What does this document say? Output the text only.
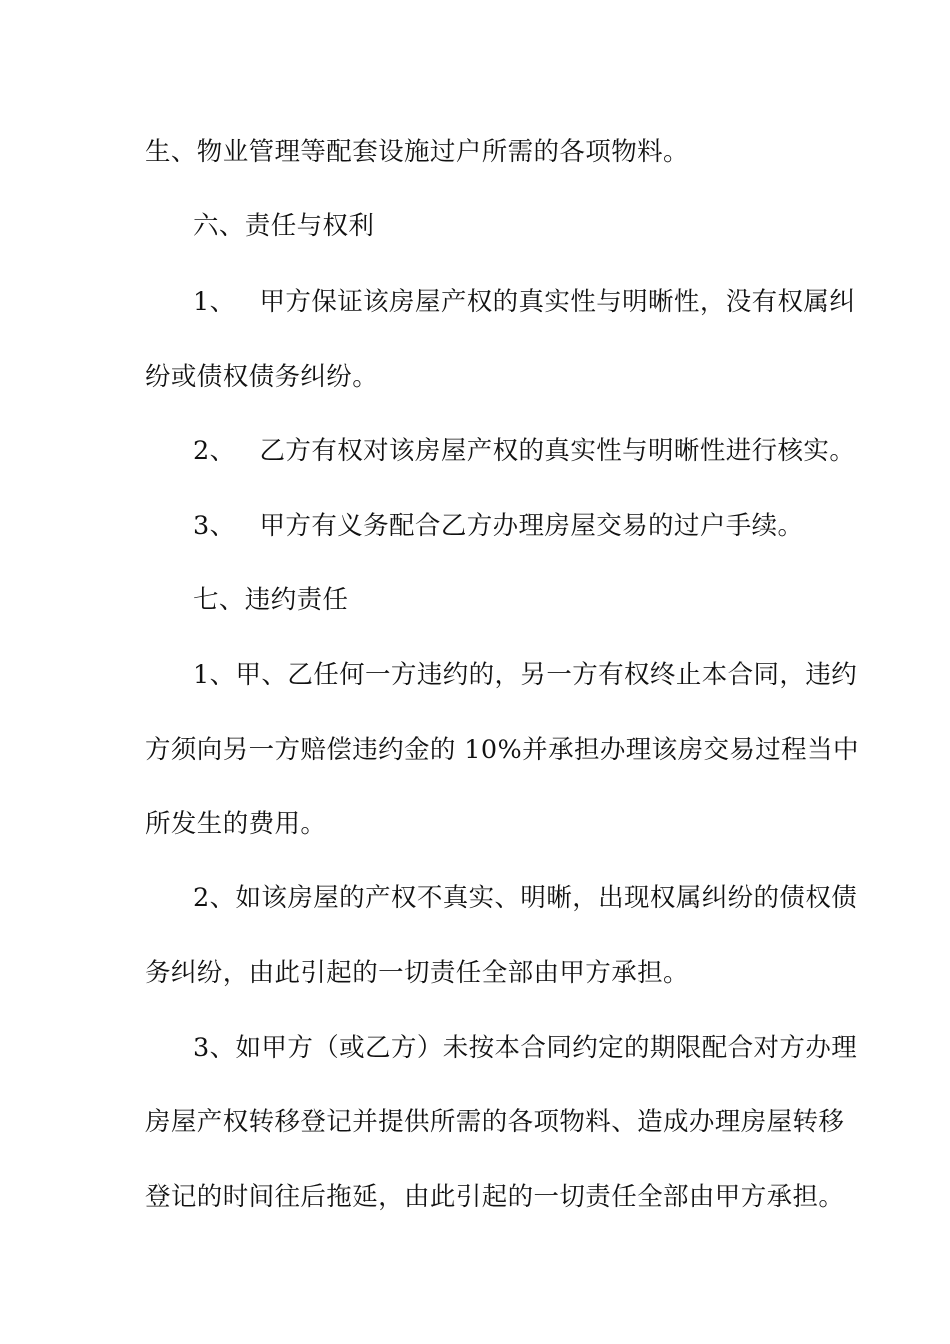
生、物业管理等配套设施过户所需的各项物料。
六、责任与权利
1、 甲方保证该房屋产权的真实性与明晰性，没有权属纠
纷或债权债务纠纷。
2、 乙方有权对该房屋产权的真实性与明晰性进行核实。
3、 甲方有义务配合乙方办理房屋交易的过户手续。
七、违约责任
1、甲、乙任何一方违约的，另一方有权终止本合同，违约
方须向另一方赔偿违约金的 10%并承担办理该房交易过程当中
所发生的费用。
2、如该房屋的产权不真实、明晰，出现权属纠纷的债权债
务纠纷，由此引起的一切责任全部由甲方承担。
3、如甲方（或乙方）未按本合同约定的期限配合对方办理
房屋产权转移登记并提供所需的各项物料、造成办理房屋转移
登记的时间往后拖延，由此引起的一切责任全部由甲方承担。
